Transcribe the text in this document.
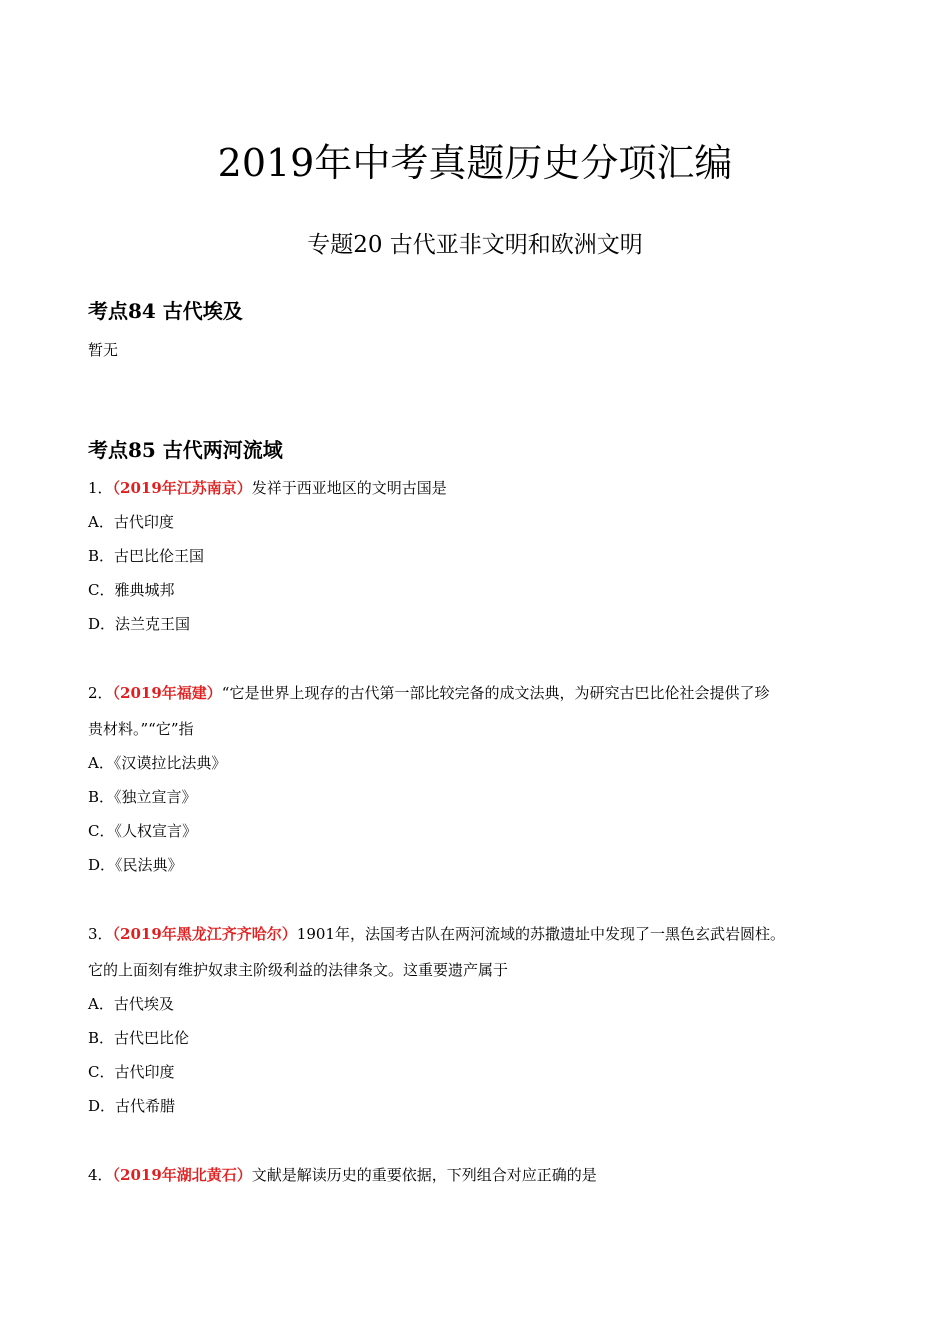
2019年中考真题历史分项汇编
专题20 古代亚非文明和欧洲文明
考点84 古代埃及
暂无
考点85 古代两河流域
1．（2019年江苏南京）发祥于西亚地区的文明古国是
A．古代印度
B．古巴比伦王国
C．雅典城邦
D．法兰克王国
2．（2019年福建）“它是世界上现存的古代第一部比较完备的成文法典，为研究古巴比伦社会提供了珍
贵材料。”“它”指
A．《汉谟拉比法典》
B．《独立宣言》
C．《人权宣言》
D．《民法典》
3．（2019年黑龙江齐齐哈尔）1901年，法国考古队在两河流域的苏撒遗址中发现了一黑色玄武岩圆柱。
它的上面刻有维护奴隶主阶级利益的法律条文。这重要遗产属于
A．古代埃及
B．古代巴比伦
C．古代印度
D．古代希腊
4．（2019年湖北黄石）文献是解读历史的重要依据，下列组合对应正确的是
